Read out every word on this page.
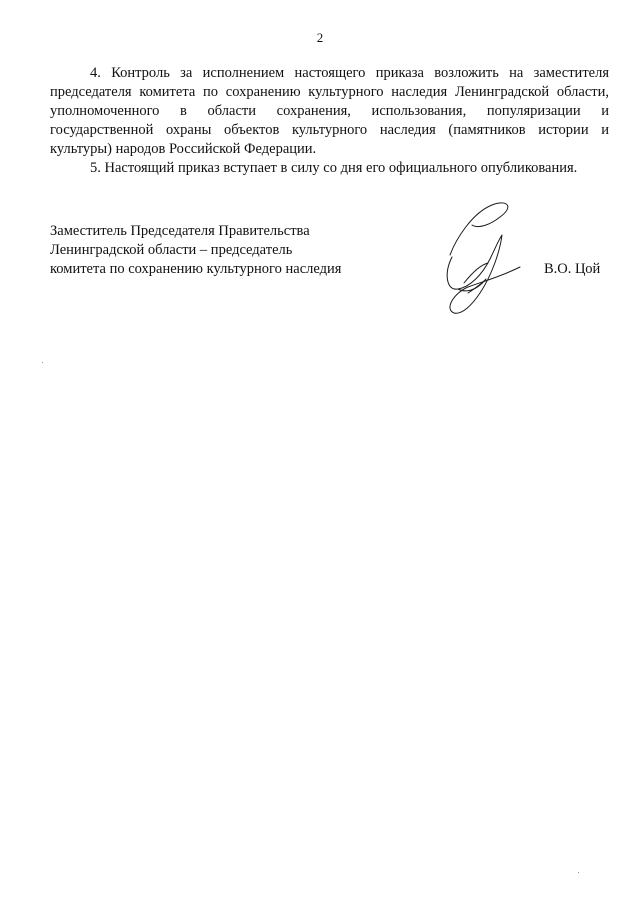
2

4. Контроль за исполнением настоящего приказа возложить на заместителя председателя комитета по сохранению культурного наследия Ленинградской области, уполномоченного в области сохранения, использования, популяризации и государственной охраны объектов культурного наследия (памятников истории и культуры) народов Российской Федерации.

5. Настоящий приказ вступает в силу со дня его официального опубликования.

Заместитель Председателя Правительства
Ленинградской области – председатель
комитета по сохранению культурного наследия	В.О. Цой
